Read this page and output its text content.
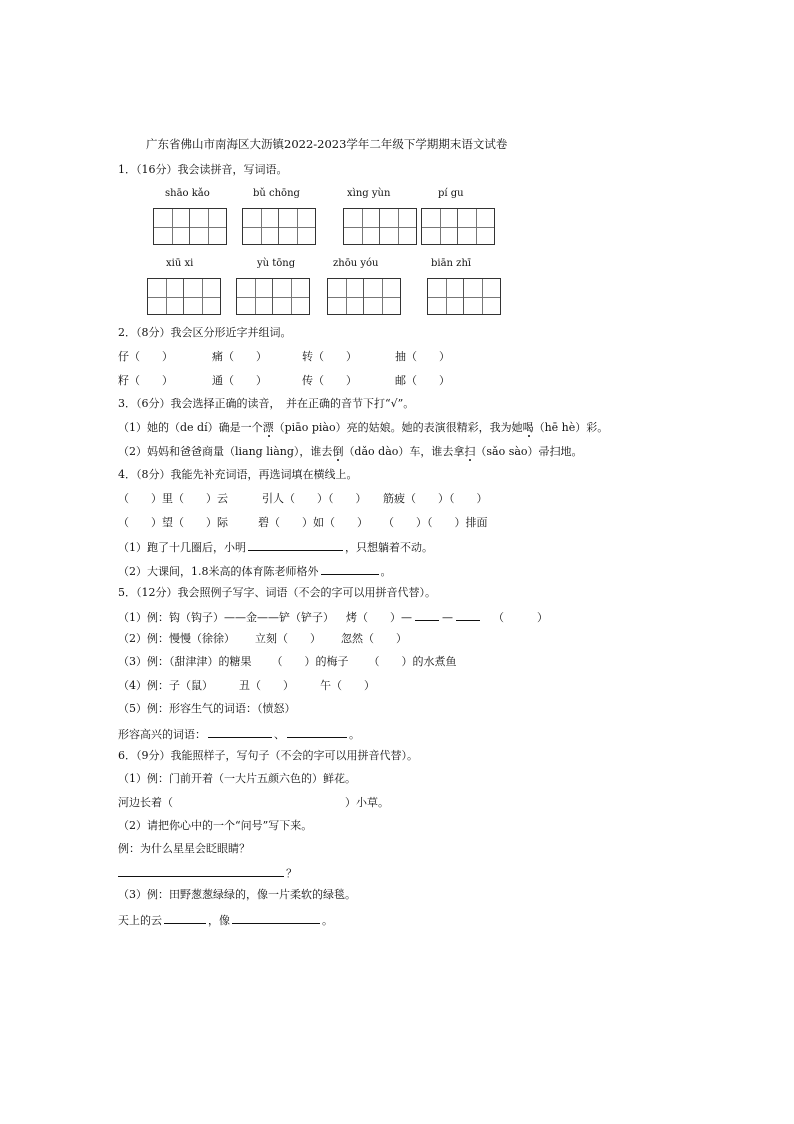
广东省佛山市南海区大沥镇2022-2023学年二年级下学期期末语文试卷
1．（16分）我会读拼音，写词语。
shāo kǎo	bǔ chōng	xìng yùn	pí gu
xiū xi	yù tōng	zhōu yóu	biān zhī
2．（8分）我会区分形近字并组词。
仔（　　）	痛（　　）	转（　　）	抽（　　）
籽（　　）	通（　　）	传（　　）	邮（　　）
3．（6分）我会选择正确的读音，　并在正确的音节下打“√”。
（1）她的（de dí）确是一个漂（piāo piào）亮的姑娘。她的表演很精彩，我为她喝（hē hè）彩。
（2）妈妈和爸爸商量（liang liàng），谁去倒（dǎo dào）车，谁去拿扫（sǎo sào）帚扫地。
4．（8分）我能先补充词语，再选词填在横线上。
（　　）里（　　）云	引人（　　）（　　） 筋疲（　　）（　　）
（　　）望（　　）际	碧（　　）如（　　） （　　）（　　）排面
（1）跑了十几圈后，小明	，只想躺着不动。
（2）大课间，1.8米高的体育陈老师格外	。
5．（12分）我会照例子写字、词语（不会的字可以用拼音代替）。
（1）例：钩（钩子）——金——铲（铲子） 烤（　　）—	—	（　　　）
（2）例：慢慢（徐徐） 立刻（　　） 忽然（　　）
（3）例：（甜津津）的糖果 （　　）的梅子 （　　）的水煮鱼
（4）例：子（鼠） 丑（　　） 午（　　）
（5）例：形容生气的词语：（愤怒）
形容高兴的词语：	、	。
6．（9分）我能照样子，写句子（不会的字可以用拼音代替）。
（1）例：门前开着（一大片五颜六色的）鲜花。
河边长着（	）小草。
（2）请把你心中的一个“问号”写下来。
例：为什么星星会眨眼睛？
？
（3）例：田野葱葱绿绿的，像一片柔软的绿毯。
天上的云	，像	。
